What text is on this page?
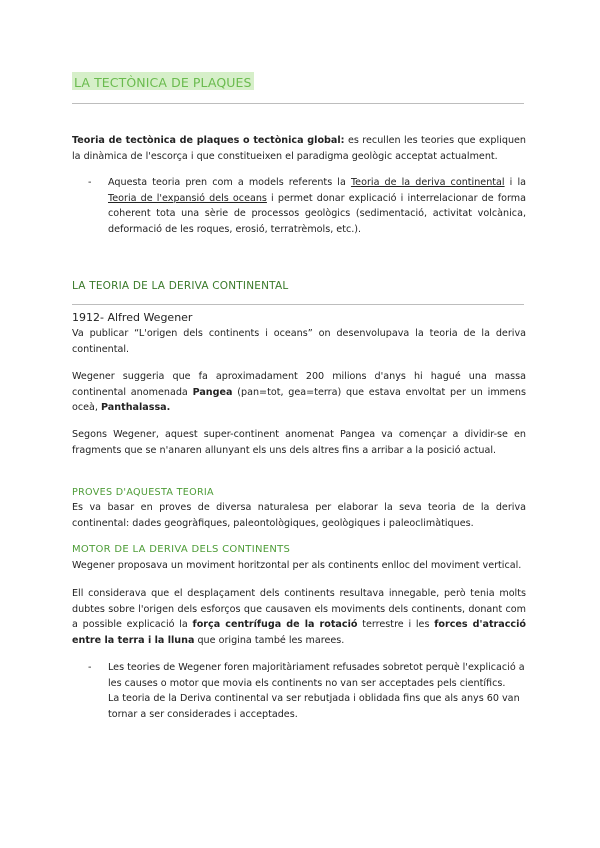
LA TECTÒNICA DE PLAQUES

Teoria de tectònica de plaques o tectònica global: es recullen les teories que expliquen la dinàmica de l'escorça i que constitueixen el paradigma geològic acceptat actualment.

- Aquesta teoria pren com a models referents la Teoria de la deriva continental i la Teoria de l'expansió dels oceans i permet donar explicació i interrelacionar de forma coherent tota una sèrie de processos geològics (sedimentació, activitat volcànica, deformació de les roques, erosió, terratrèmols, etc.).

LA TEORIA DE LA DERIVA CONTINENTAL
1912- Alfred Wegener

Va publicar “L'origen dels continents i oceans” on desenvolupava la teoria de la deriva continental.

Wegener suggeria que fa aproximadament 200 milions d'anys hi hagué una massa continental anomenada Pangea (pan=tot, gea=terra) que estava envoltat per un immens oceà, Panthalassa.

Segons Wegener, aquest super-continent anomenat Pangea va començar a dividir-se en fragments que se n'anaren allunyant els uns dels altres fins a arribar a la posició actual.

PROVES D'AQUESTA TEORIA

Es va basar en proves de diversa naturalesa per elaborar la seva teoria de la deriva continental: dades geogràfiques, paleontològiques, geològiques i paleoclimàtiques.

MOTOR DE LA DERIVA DELS CONTINENTS

Wegener proposava un moviment horitzontal per als continents enlloc del moviment vertical.

Ell considerava que el desplaçament dels continents resultava innegable, però tenia molts dubtes sobre l'origen dels esforços que causaven els moviments dels continents, donant com a possible explicació la força centrífuga de la rotació terrestre i les forces d'atracció entre la terra i la lluna que origina també les marees.

- Les teories de Wegener foren majoritàriament refusades sobretot perquè l'explicació a les causes o motor que movia els continents no van ser acceptades pels científics.
La teoria de la Deriva continental va ser rebutjada i oblidada fins que als anys 60 van tornar a ser considerades i acceptades.
